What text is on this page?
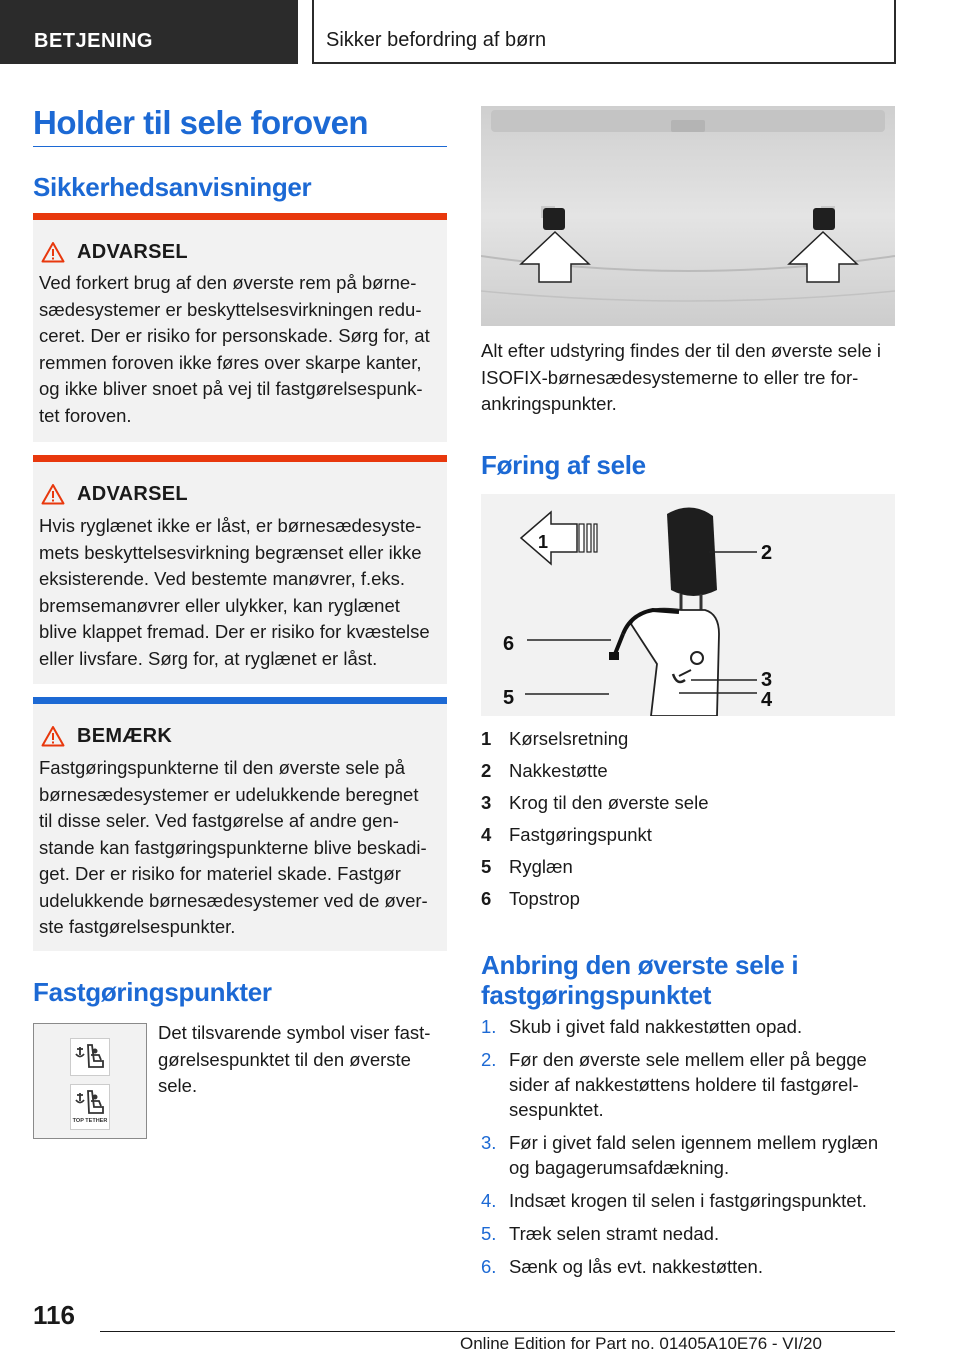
BETJENING	Sikker befordring af børn
Holder til sele foroven
Sikkerhedsanvisninger
ADVARSEL
Ved forkert brug af den øverste rem på børne-
sædesystemer er beskyttelsesvirkningen redu-
ceret. Der er risiko for personskade. Sørg for, at
remmen foroven ikke føres over skarpe kanter,
og ikke bliver snoet på vej til fastgørelsespunk-
tet foroven.
ADVARSEL
Hvis ryglænet ikke er låst, er børnesædesyste-
mets beskyttelsesvirkning begrænset eller ikke
eksisterende. Ved bestemte manøvrer, f.eks.
bremsemanøvrer eller ulykker, kan ryglænet
blive klappet fremad. Der er risiko for kvæstelse
eller livsfare. Sørg for, at ryglænet er låst.
BEMÆRK
Fastgøringspunkterne til den øverste sele på
børnesædesystemer er udelukkende beregnet
til disse seler. Ved fastgørelse af andre gen-
stande kan fastgøringspunkterne blive beskadi-
get. Der er risiko for materiel skade. Fastgør
udelukkende børnesædesystemer ved de øver-
ste fastgørelsespunkter.
Fastgøringspunkter
TOP TETHER
Det tilsvarende symbol viser fast-
gørelsespunktet til den øverste
sele.
Alt efter udstyring findes der til den øverste sele i
ISOFIX-børnesædesystemerne to eller tre for-
ankringspunkter.
Føring af sele
1	2
3
4
5
6
1 Kørselsretning
2 Nakkestøtte
3 Krog til den øverste sele
4 Fastgøringspunkt
5 Ryglæn
6 Topstrop
Anbring den øverste sele i
fastgøringspunktet
1. Skub i givet fald nakkestøtten opad.
2. Før den øverste sele mellem eller på begge
sider af nakkestøttens holdere til fastgørel-
sespunktet.
3. Før i givet fald selen igennem mellem ryglæn
og bagagerumsafdækning.
4. Indsæt krogen til selen i fastgøringspunktet.
5. Træk selen stramt nedad.
6. Sænk og lås evt. nakkestøtten.
116
Online Edition for Part no. 01405A10E76 - VI/20
